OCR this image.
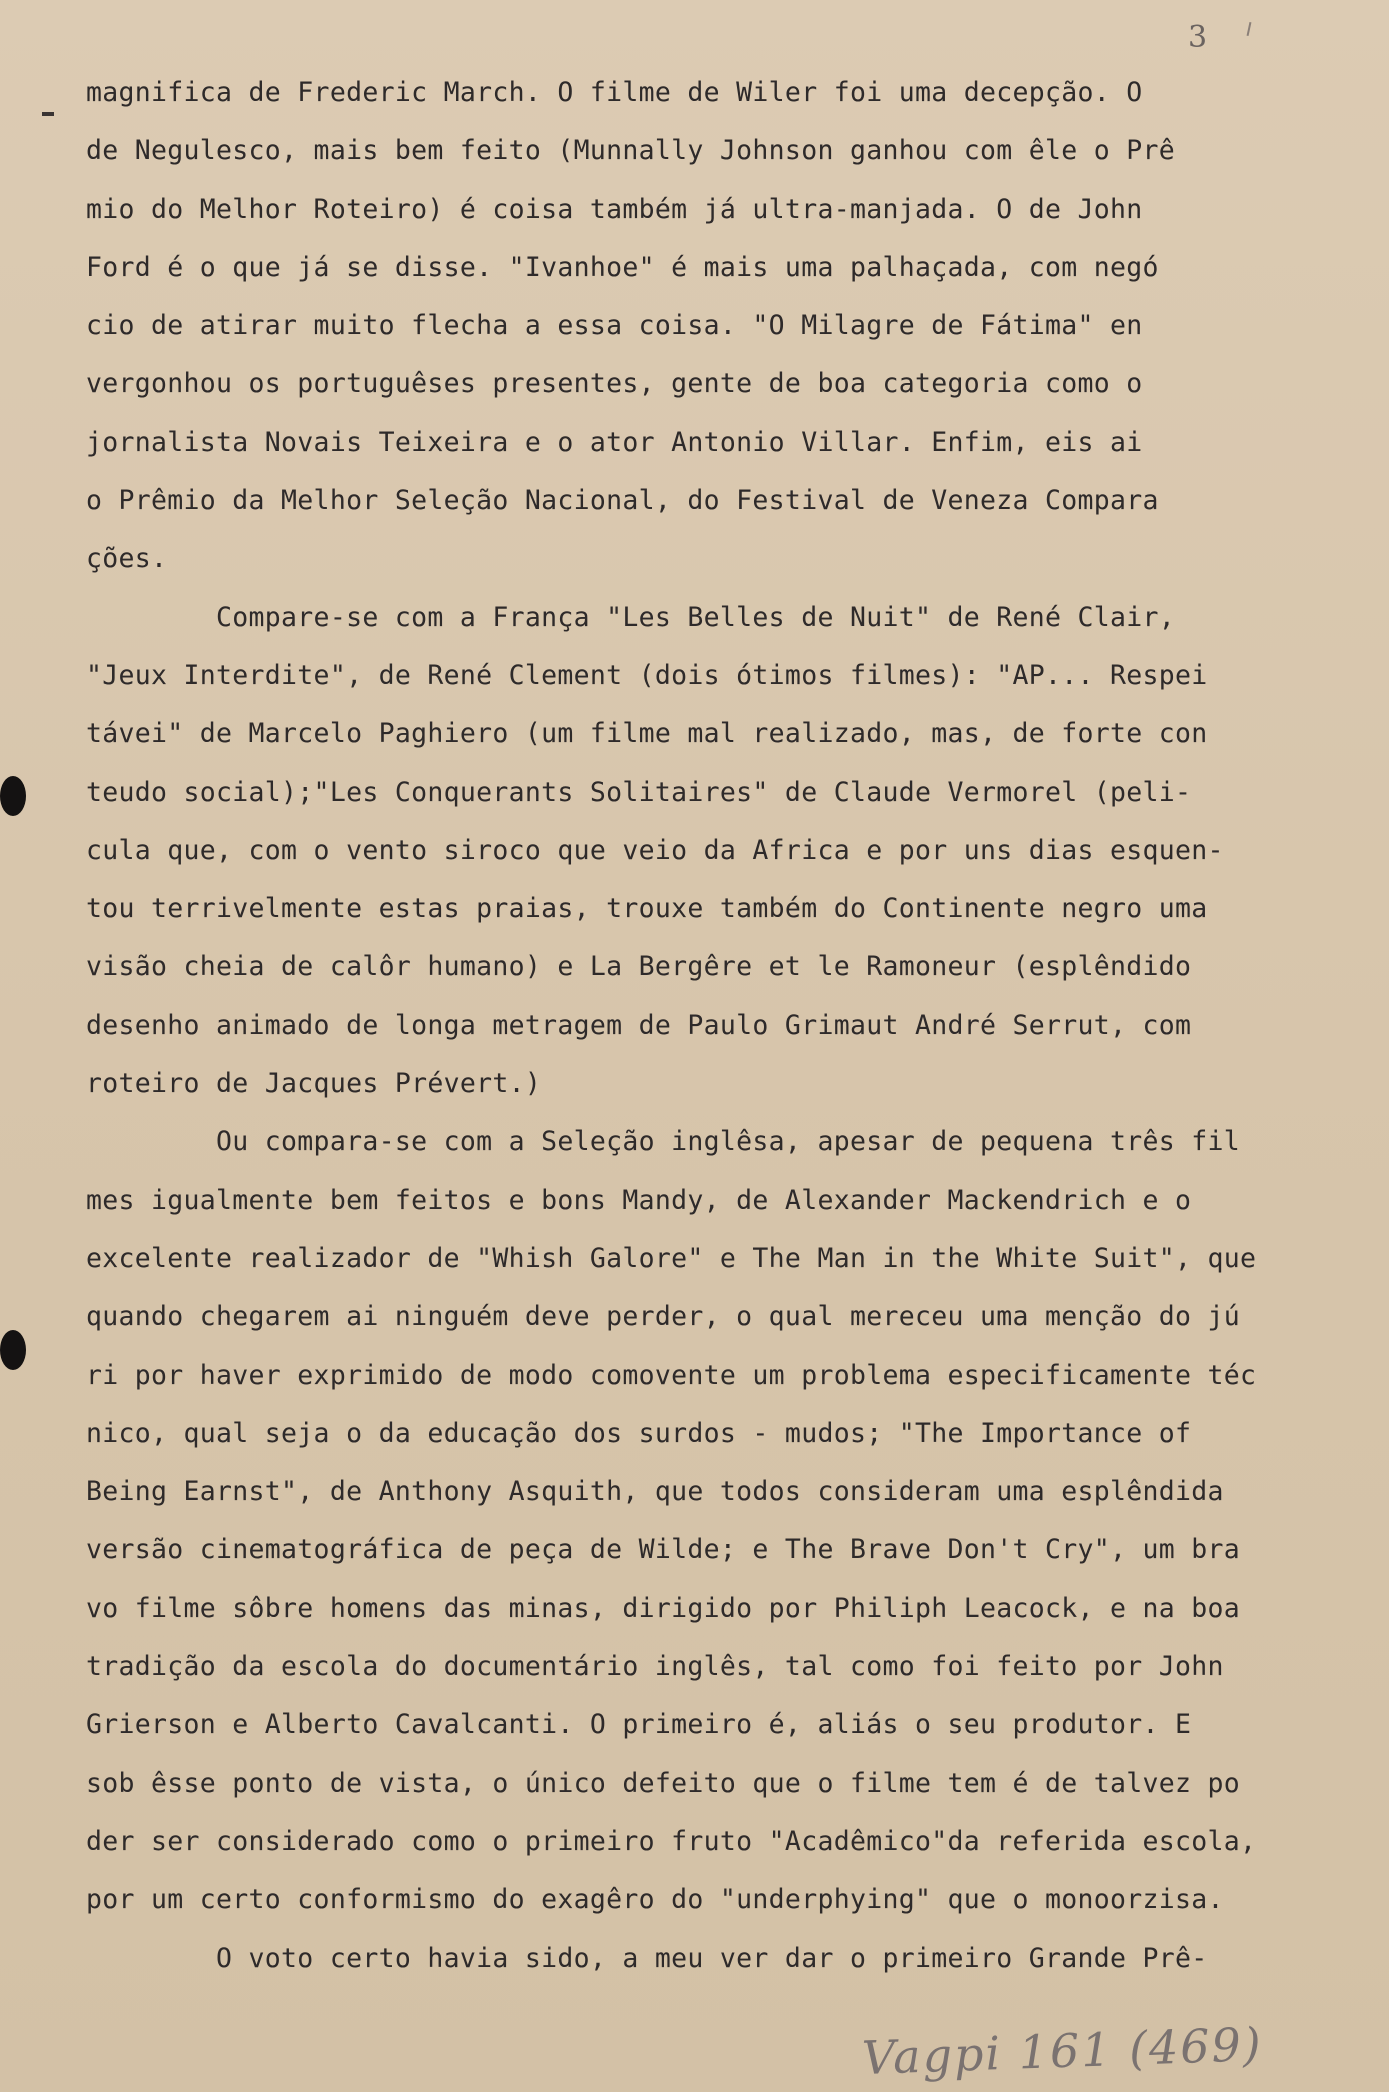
3
magnifica de Frederic March. O filme de Wiler foi uma decepção. O
de Negulesco, mais bem feito (Munnally Johnson ganhou com êle o Prê
mio do Melhor Roteiro) é coisa também já ultra-manjada. O de John
Ford é o que já se disse. "Ivanhoe" é mais uma palhaçada, com negó
cio de atirar muito flecha a essa coisa. "O Milagre de Fátima" en
vergonhou os portuguêses presentes, gente de boa categoria como o
jornalista Novais Teixeira e o ator Antonio Villar. Enfim, eis ai
o Prêmio da Melhor Seleção Nacional, do Festival de Veneza Compara
ções.
Compare-se com a França "Les Belles de Nuit" de René Clair,
"Jeux Interdite", de René Clement (dois ótimos filmes): "AP... Respei
távei" de Marcelo Paghiero (um filme mal realizado, mas, de forte con
teudo social);"Les Conquerants Solitaires" de Claude Vermorel (peli-
cula que, com o vento siroco que veio da Africa e por uns dias esquen-
tou terrivelmente estas praias, trouxe também do Continente negro uma
visão cheia de calôr humano) e La Bergêre et le Ramoneur (esplêndido
desenho animado de longa metragem de Paulo Grimaut André Serrut, com
roteiro de Jacques Prévert.)
Ou compara-se com a Seleção inglêsa, apesar de pequena três fil
mes igualmente bem feitos e bons Mandy, de Alexander Mackendrich e o
excelente realizador de "Whish Galore" e The Man in the White Suit", que
quando chegarem ai ninguém deve perder, o qual mereceu uma menção do jú
ri por haver exprimido de modo comovente um problema especificamente téc
nico, qual seja o da educação dos surdos - mudos; "The Importance of
Being Earnst", de Anthony Asquith, que todos consideram uma esplêndida
versão cinematográfica de peça de Wilde; e The Brave Don't Cry", um bra
vo filme sôbre homens das minas, dirigido por Philiph Leacock, e na boa
tradição da escola do documentário inglês, tal como foi feito por John
Grierson e Alberto Cavalcanti. O primeiro é, aliás o seu produtor. E
sob êsse ponto de vista, o único defeito que o filme tem é de talvez po
der ser considerado como o primeiro fruto "Acadêmico"da referida escola,
por um certo conformismo do exagêro do "underphying" que o monoorzisa.
O voto certo havia sido, a meu ver dar o primeiro Grande Prê-
Vagpi 161 (469)
